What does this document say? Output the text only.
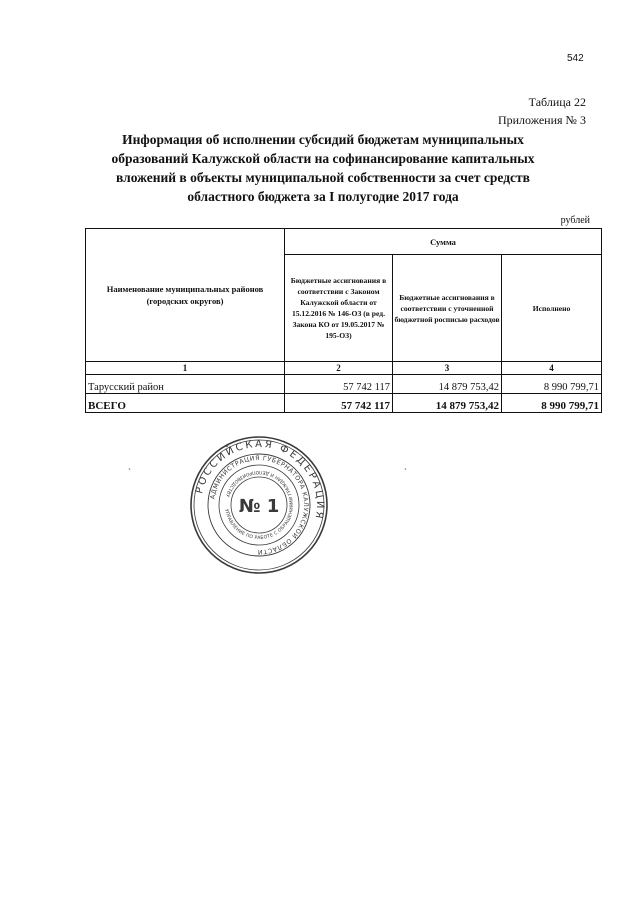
542
Таблица 22
Приложения № 3
Информация об исполнении субсидий бюджетам муниципальных образований Калужской области на софинансирование капитальных вложений в объекты муниципальной собственности за счет средств областного бюджета за I полугодие 2017 года
рублей
Наименование муниципальных районов (городских округов)	Сумма		
	Бюджетные ассигнования в соответствии с Законом Калужской области от 15.12.2016 № 146-ОЗ (в ред. Закона КО от 19.05.2017 № 195-ОЗ)	Бюджетные ассигнования в соответствии с уточненной бюджетной росписью расходов	Исполнено
1	2	3	4
Тарусский район	57 742 117	14 879 753,42	8 990 799,71
ВСЕГО	57 742 117	14 879 753,42	8 990 799,71
РОССИЙСКАЯ ФЕДЕРАЦИЯ
АДМИНИСТРАЦИЯ ГУБЕРНАТОРА КАЛУЖСКОЙ ОБЛАСТИ
УПРАВЛЕНИЕ ПО РАБОТЕ С ОБРАЩЕНИЯМИ ГРАЖДАН И ДЕЛОПРОИЗВОДСТВУ
№ 1
ˏ	ˏ
